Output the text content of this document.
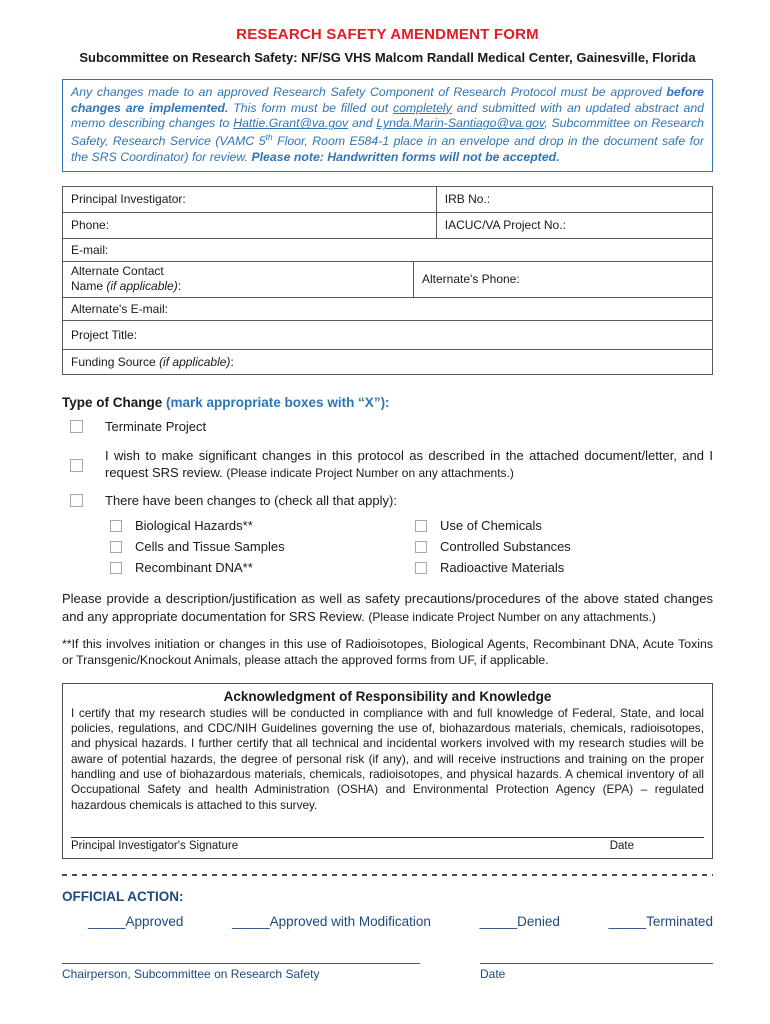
RESEARCH SAFETY AMENDMENT FORM
Subcommittee on Research Safety: NF/SG VHS Malcom Randall Medical Center, Gainesville, Florida
Any changes made to an approved Research Safety Component of Research Protocol must be approved before changes are implemented. This form must be filled out completely and submitted with an updated abstract and memo describing changes to Hattie.Grant@va.gov and Lynda.Marin-Santiago@va.gov, Subcommittee on Research Safety, Research Service (VAMC 5th Floor, Room E584-1 place in an envelope and drop in the document safe for the SRS Coordinator) for review. Please note: Handwritten forms will not be accepted.
Principal Investigator:	IRB No.:
Phone:	IACUC/VA Project No.:
E-mail:	
Alternate Contact
Name (if applicable):	Alternate's Phone:
Alternate's E-mail:
Project Title:
Funding Source (if applicable):
Type of Change (mark appropriate boxes with “X”):
Terminate Project
I wish to make significant changes in this protocol as described in the attached document/letter, and I request SRS review. (Please indicate Project Number on any attachments.)
There have been changes to (check all that apply):
Biological Hazards**
Cells and Tissue Samples
Recombinant DNA**
Use of Chemicals
Controlled Substances
Radioactive Materials

Please provide a description/justification as well as safety precautions/procedures of the above stated changes and any appropriate documentation for SRS Review. (Please indicate Project Number on any attachments.)

**If this involves initiation or changes in this use of Radioisotopes, Biological Agents, Recombinant DNA, Acute Toxins or Transgenic/Knockout Animals, please attach the approved forms from UF, if applicable.

Acknowledgment of Responsibility and Knowledge
I certify that my research studies will be conducted in compliance with and full knowledge of Federal, State, and local policies, regulations, and CDC/NIH Guidelines governing the use of, biohazardous materials, chemicals, radioisotopes, and physical hazards. I further certify that all technical and incidental workers involved with my research studies will be aware of potential hazards, the degree of personal risk (if any), and will receive instructions and training on the proper handling and use of biohazardous materials, chemicals, radioisotopes, and physical hazards. A chemical inventory of all Occupational Safety and health Administration (OSHA) and Environmental Protection Agency (EPA) – regulated hazardous chemicals is attached to this survey.
Principal Investigator's Signature	Date
OFFICIAL ACTION:
_____Approved	_____Approved with Modification	_____Denied	_____Terminated
Chairperson, Subcommittee on Research Safety	Date
